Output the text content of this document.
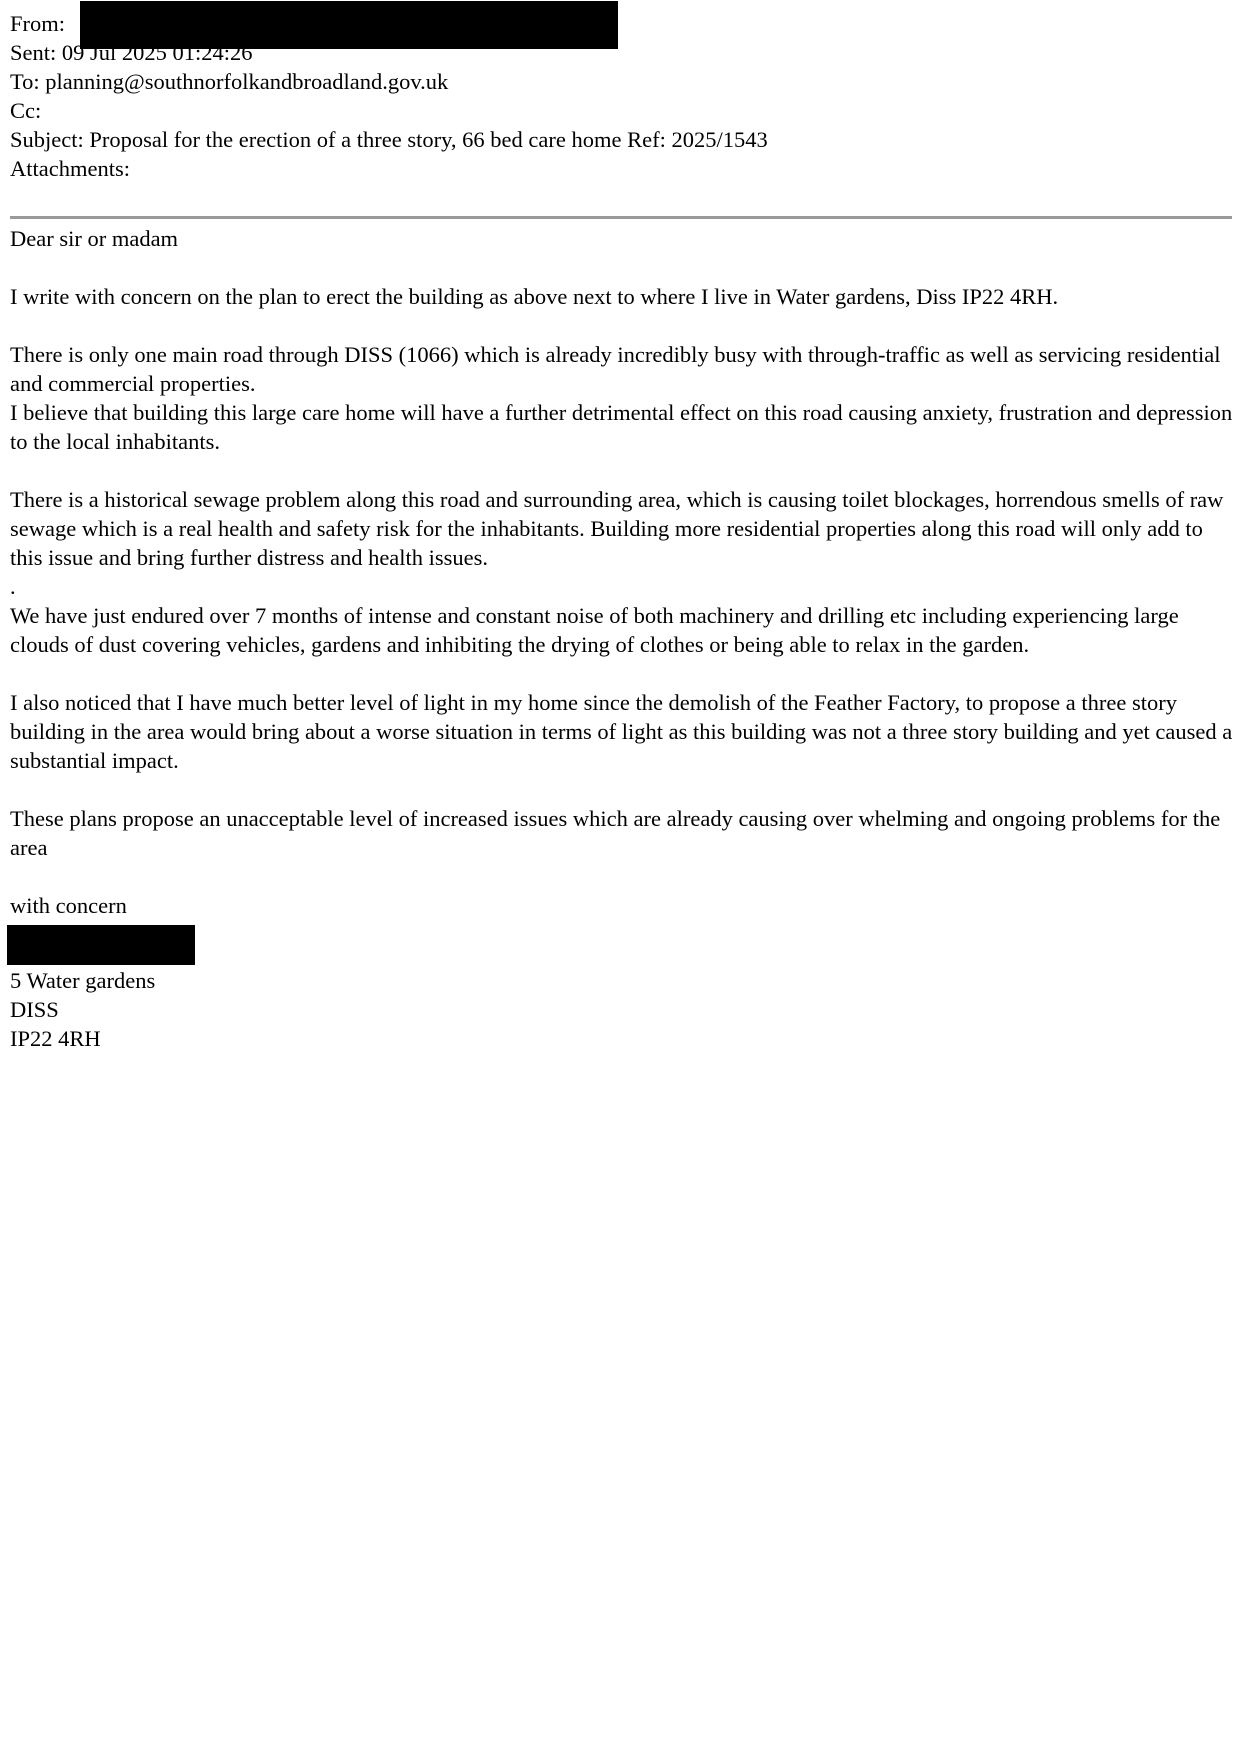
From:
Sent: 09 Jul 2025 01:24:26
To: planning@southnorfolkandbroadland.gov.uk
Cc:
Subject: Proposal for the erection of a three story, 66 bed care home Ref: 2025/1543
Attachments:

Dear sir or madam

I write with concern on the plan to erect the building as above next to where I live in Water gardens, Diss IP22 4RH.

There is only one main road through DISS (1066) which is already incredibly busy with through-traffic as well as servicing residential and commercial properties.

I believe that building this large care home will have a further detrimental effect on this road causing anxiety, frustration and depression to the local inhabitants.

There is a historical sewage problem along this road and surrounding area, which is causing toilet blockages, horrendous smells of raw sewage which is a real health and safety risk for the inhabitants. Building more residential properties along this road will only add to this issue and bring further distress and health issues.

.

We have just endured over 7 months of intense and constant noise of both machinery and drilling etc including experiencing large clouds of dust covering vehicles, gardens and inhibiting the drying of clothes or being able to relax in the garden.

I also noticed that I have much better level of light in my home since the demolish of the Feather Factory, to propose a three story building in the area would bring about a worse situation in terms of light as this building was not a three story building and yet caused a substantial impact.

These plans propose an unacceptable level of increased issues which are already causing over whelming and ongoing problems for the area

with concern

5 Water gardens

DISS

IP22 4RH
